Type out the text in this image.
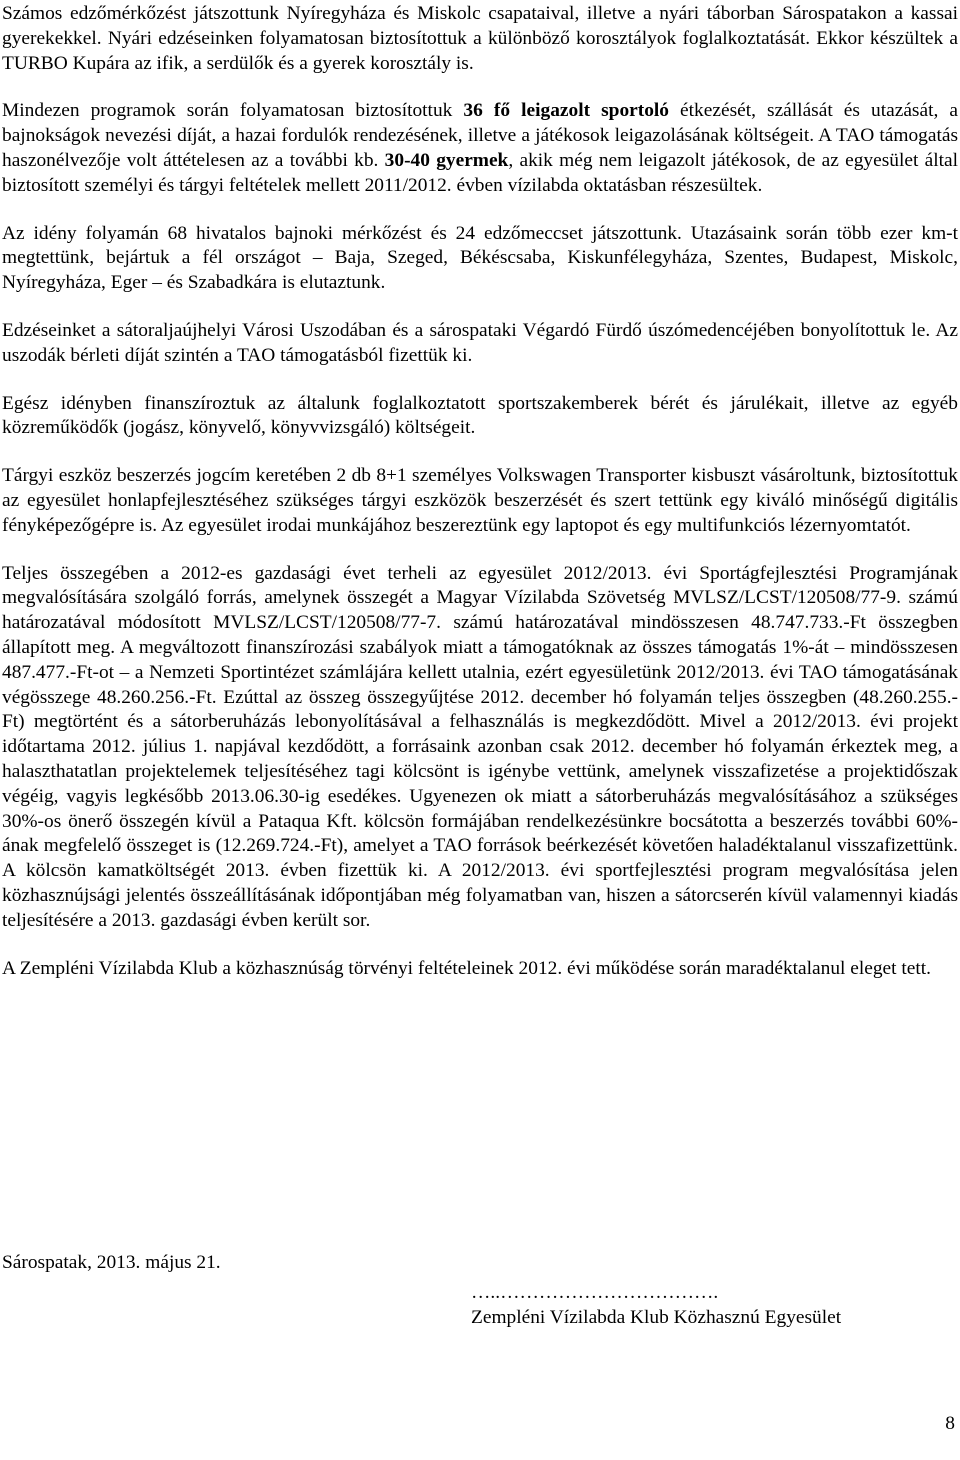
Számos edzőmérkőzést játszottunk Nyíregyháza és Miskolc csapataival, illetve a nyári táborban Sárospatakon a kassai gyerekekkel. Nyári edzéseinken folyamatosan biztosítottuk a különböző korosztályok foglalkoztatását. Ekkor készültek a TURBO Kupára az ifik, a serdülők és a gyerek korosztály is.

Mindezen programok során folyamatosan biztosítottuk 36 fő leigazolt sportoló étkezését, szállását és utazását, a bajnokságok nevezési díját, a hazai fordulók rendezésének, illetve a játékosok leigazolásának költségeit. A TAO támogatás haszonélvezője volt áttételesen az a további kb. 30-40 gyermek, akik még nem leigazolt játékosok, de az egyesület által biztosított személyi és tárgyi feltételek mellett 2011/2012. évben vízilabda oktatásban részesültek.

Az idény folyamán 68 hivatalos bajnoki mérkőzést és 24 edzőmeccset játszottunk. Utazásaink során több ezer km-t megtettünk, bejártuk a fél országot – Baja, Szeged, Békéscsaba, Kiskunfélegyháza, Szentes, Budapest, Miskolc, Nyíregyháza, Eger – és Szabadkára is elutaztunk.

Edzéseinket a sátoraljaújhelyi Városi Uszodában és a sárospataki Végardó Fürdő úszómedencéjében bonyolítottuk le. Az uszodák bérleti díját szintén a TAO támogatásból fizettük ki.

Egész idényben finanszíroztuk az általunk foglalkoztatott sportszakemberek bérét és járulékait, illetve az egyéb közreműködők (jogász, könyvelő, könyvvizsgáló) költségeit.

Tárgyi eszköz beszerzés jogcím keretében 2 db 8+1 személyes Volkswagen Transporter kisbuszt vásároltunk, biztosítottuk az egyesület honlapfejlesztéséhez szükséges tárgyi eszközök beszerzését és szert tettünk egy kiváló minőségű digitális fényképezőgépre is. Az egyesület irodai munkájához beszereztünk egy laptopot és egy multifunkciós lézernyomtatót.

Teljes összegében a 2012-es gazdasági évet terheli az egyesület 2012/2013. évi Sportágfejlesztési Programjának megvalósítására szolgáló forrás, amelynek összegét a Magyar Vízilabda Szövetség MVLSZ/LCST/120508/77-9. számú határozatával módosított MVLSZ/LCST/120508/77-7. számú határozatával mindösszesen 48.747.733.-Ft összegben állapított meg. A megváltozott finanszírozási szabályok miatt a támogatóknak az összes támogatás 1%-át – mindösszesen 487.477.-Ft-ot – a Nemzeti Sportintézet számlájára kellett utalnia, ezért egyesületünk 2012/2013. évi TAO támogatásának végösszege 48.260.256.-Ft. Ezúttal az összeg összegyűjtése 2012. december hó folyamán teljes összegben (48.260.255.-Ft) megtörtént és a sátorberuházás lebonyolításával a felhasználás is megkezdődött. Mivel a 2012/2013. évi projekt időtartama 2012. július 1. napjával kezdődött, a forrásaink azonban csak 2012. december hó folyamán érkeztek meg, a halaszthatatlan projektelemek teljesítéséhez tagi kölcsönt is igénybe vettünk, amelynek visszafizetése a projektidőszak végéig, vagyis legkésőbb 2013.06.30-ig esedékes. Ugyenezen ok miatt a sátorberuházás megvalósításához a szükséges 30%-os önerő összegén kívül a Pataqua Kft. kölcsön formájában rendelkezésünkre bocsátotta a beszerzés további 60%-ának megfelelő összeget is (12.269.724.-Ft), amelyet a TAO források beérkezését követően haladéktalanul visszafizettünk. A kölcsön kamatköltségét 2013. évben fizettük ki. A 2012/2013. évi sportfejlesztési program megvalósítása jelen közhasznújsági jelentés összeállításának időpontjában még folyamatban van, hiszen a sátorcserén kívül valamennyi kiadás teljesítésére a 2013. gazdasági évben került sor.

A Zempléni Vízilabda Klub a közhasznúság törvényi feltételeinek 2012. évi működése során maradéktalanul eleget tett.

Sárospatak, 2013. május 21.
…..…………………………….
Zempléni Vízilabda Klub Közhasznú Egyesület
8
